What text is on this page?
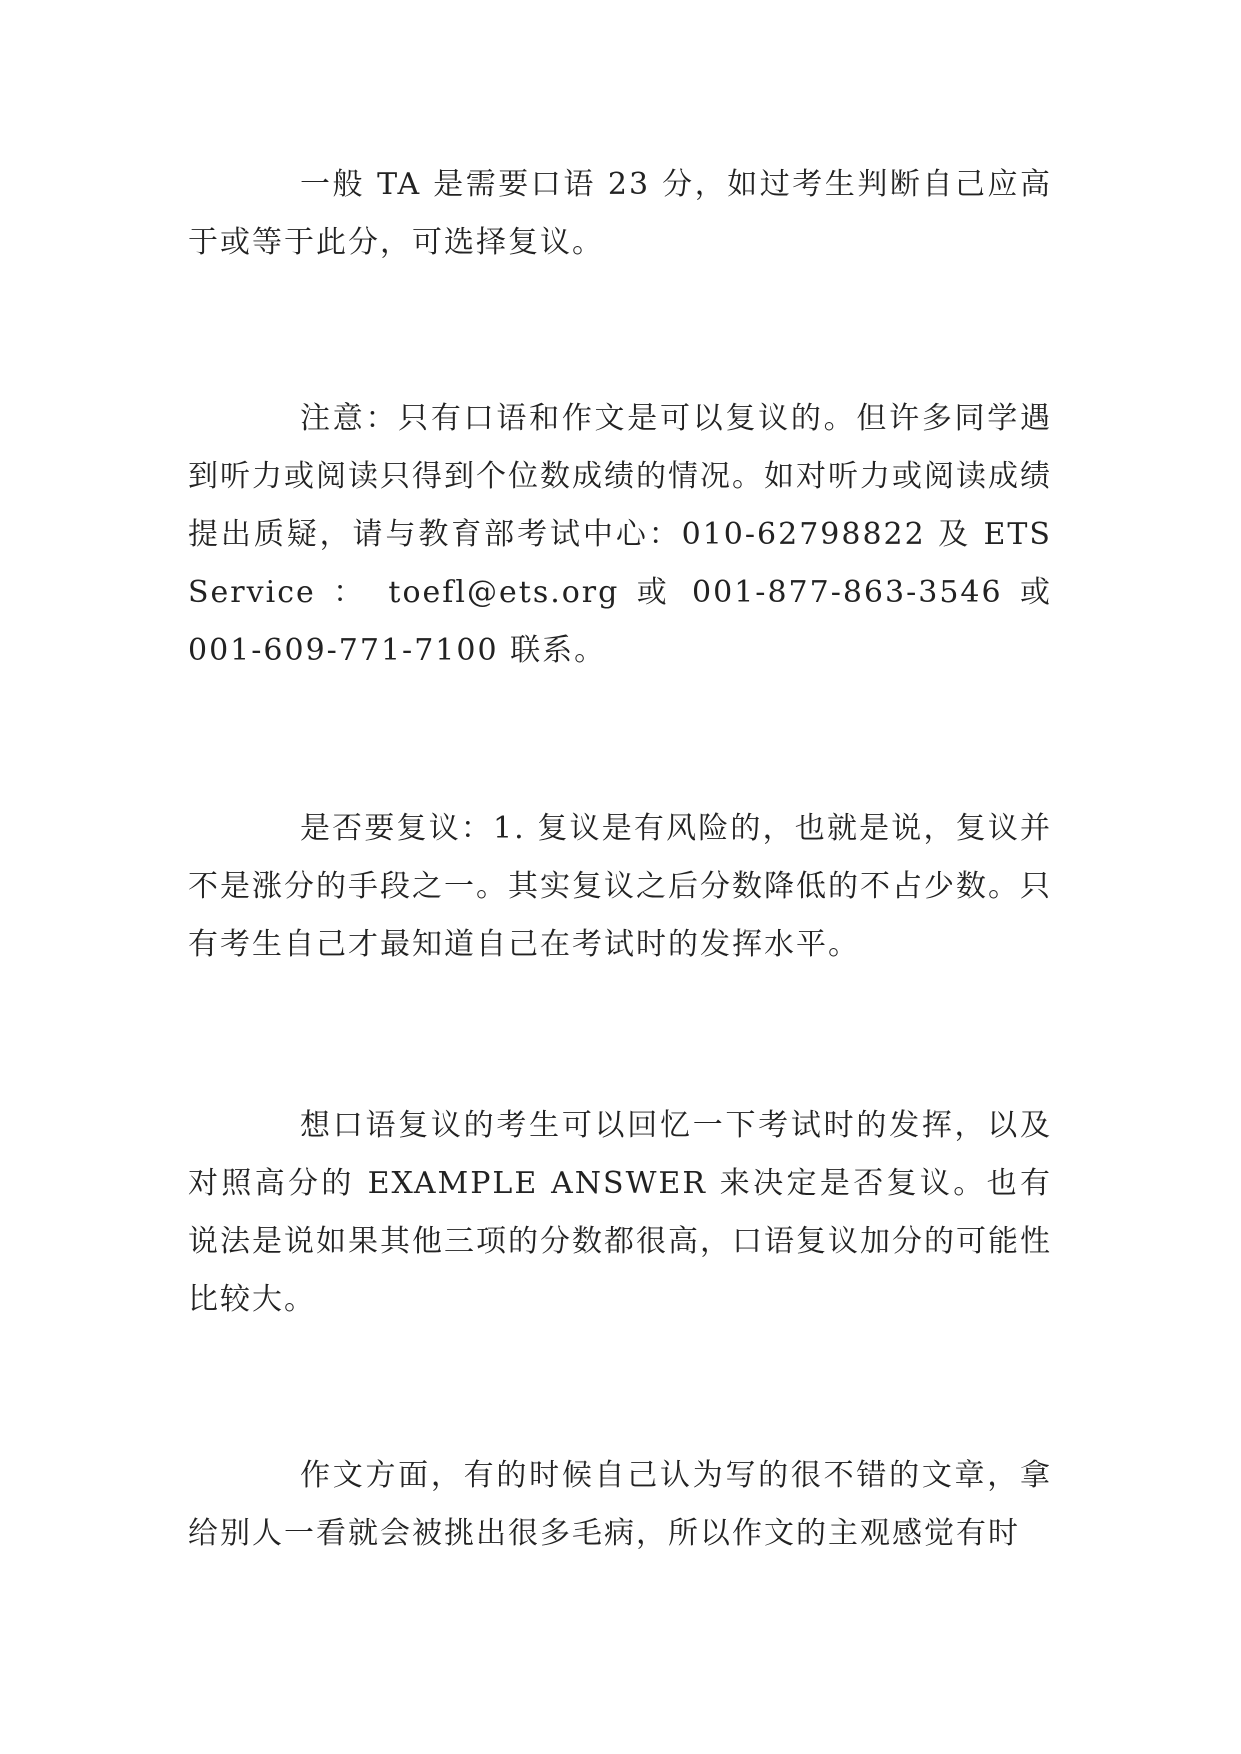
一般 TA 是需要口语 23 分，如过考生判断自己应高于或等于此分，可选择复议。

注意：只有口语和作文是可以复议的。但许多同学遇到听力或阅读只得到个位数成绩的情况。如对听力或阅读成绩提出质疑，请与教育部考试中心：010-62798822 及 ETS Service ： toefl@ets.org 或 001-877-863-3546 或 001-609-771-7100 联系。

是否要复议：1. 复议是有风险的，也就是说，复议并不是涨分的手段之一。其实复议之后分数降低的不占少数。只有考生自己才最知道自己在考试时的发挥水平。

想口语复议的考生可以回忆一下考试时的发挥，以及对照高分的 EXAMPLE ANSWER 来决定是否复议。也有说法是说如果其他三项的分数都很高，口语复议加分的可能性比较大。

作文方面，有的时候自己认为写的很不错的文章，拿给别人一看就会被挑出很多毛病，所以作文的主观感觉有时
